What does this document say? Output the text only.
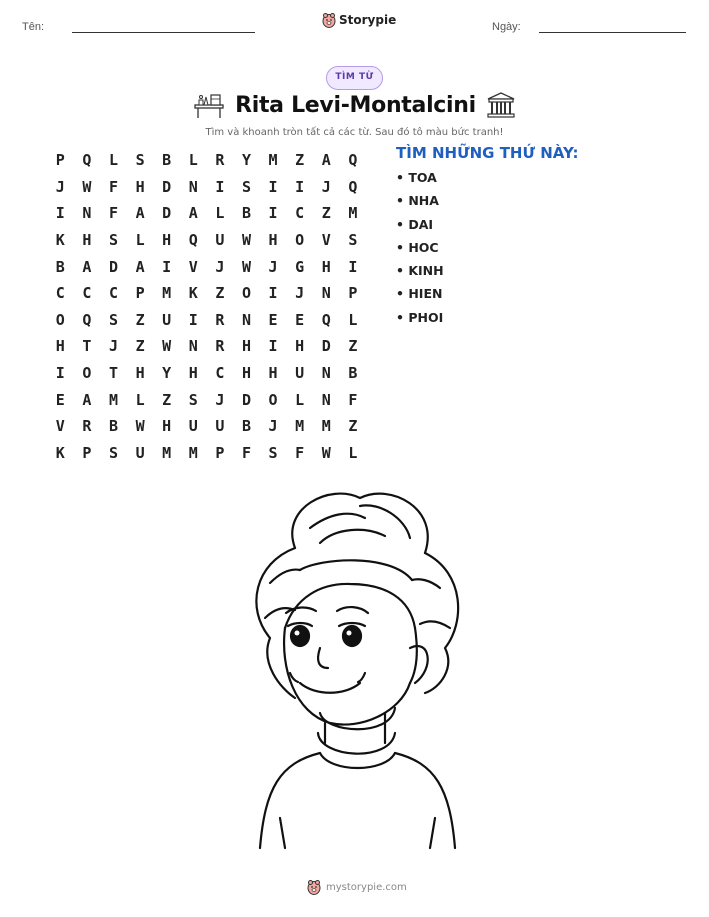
Tên:	Storypie	Ngày:
TÌM TỪ
Rita Levi-Montalcini
Tìm và khoanh tròn tất cả các từ. Sau đó tô màu bức tranh!
P	Q	L	S	B	L	R	Y	M	Z	A	Q
J	W	F	H	D	N	I	S	I	I	J	Q
I	N	F	A	D	A	L	B	I	C	Z	M
K	H	S	L	H	Q	U	W	H	O	V	S
B	A	D	A	I	V	J	W	J	G	H	I
C	C	C	P	M	K	Z	O	I	J	N	P
O	Q	S	Z	U	I	R	N	E	E	Q	L
H	T	J	Z	W	N	R	H	I	H	D	Z
I	O	T	H	Y	H	C	H	H	U	N	B
E	A	M	L	Z	S	J	D	O	L	N	F
V	R	B	W	H	U	U	B	J	M	M	Z
K	P	S	U	M	M	P	F	S	F	W	L
TÌM NHỮNG THỨ NÀY:
• TOA
• NHA
• DAI
• HOC
• KINH
• HIEN
• PHOI
mystorypie.com
